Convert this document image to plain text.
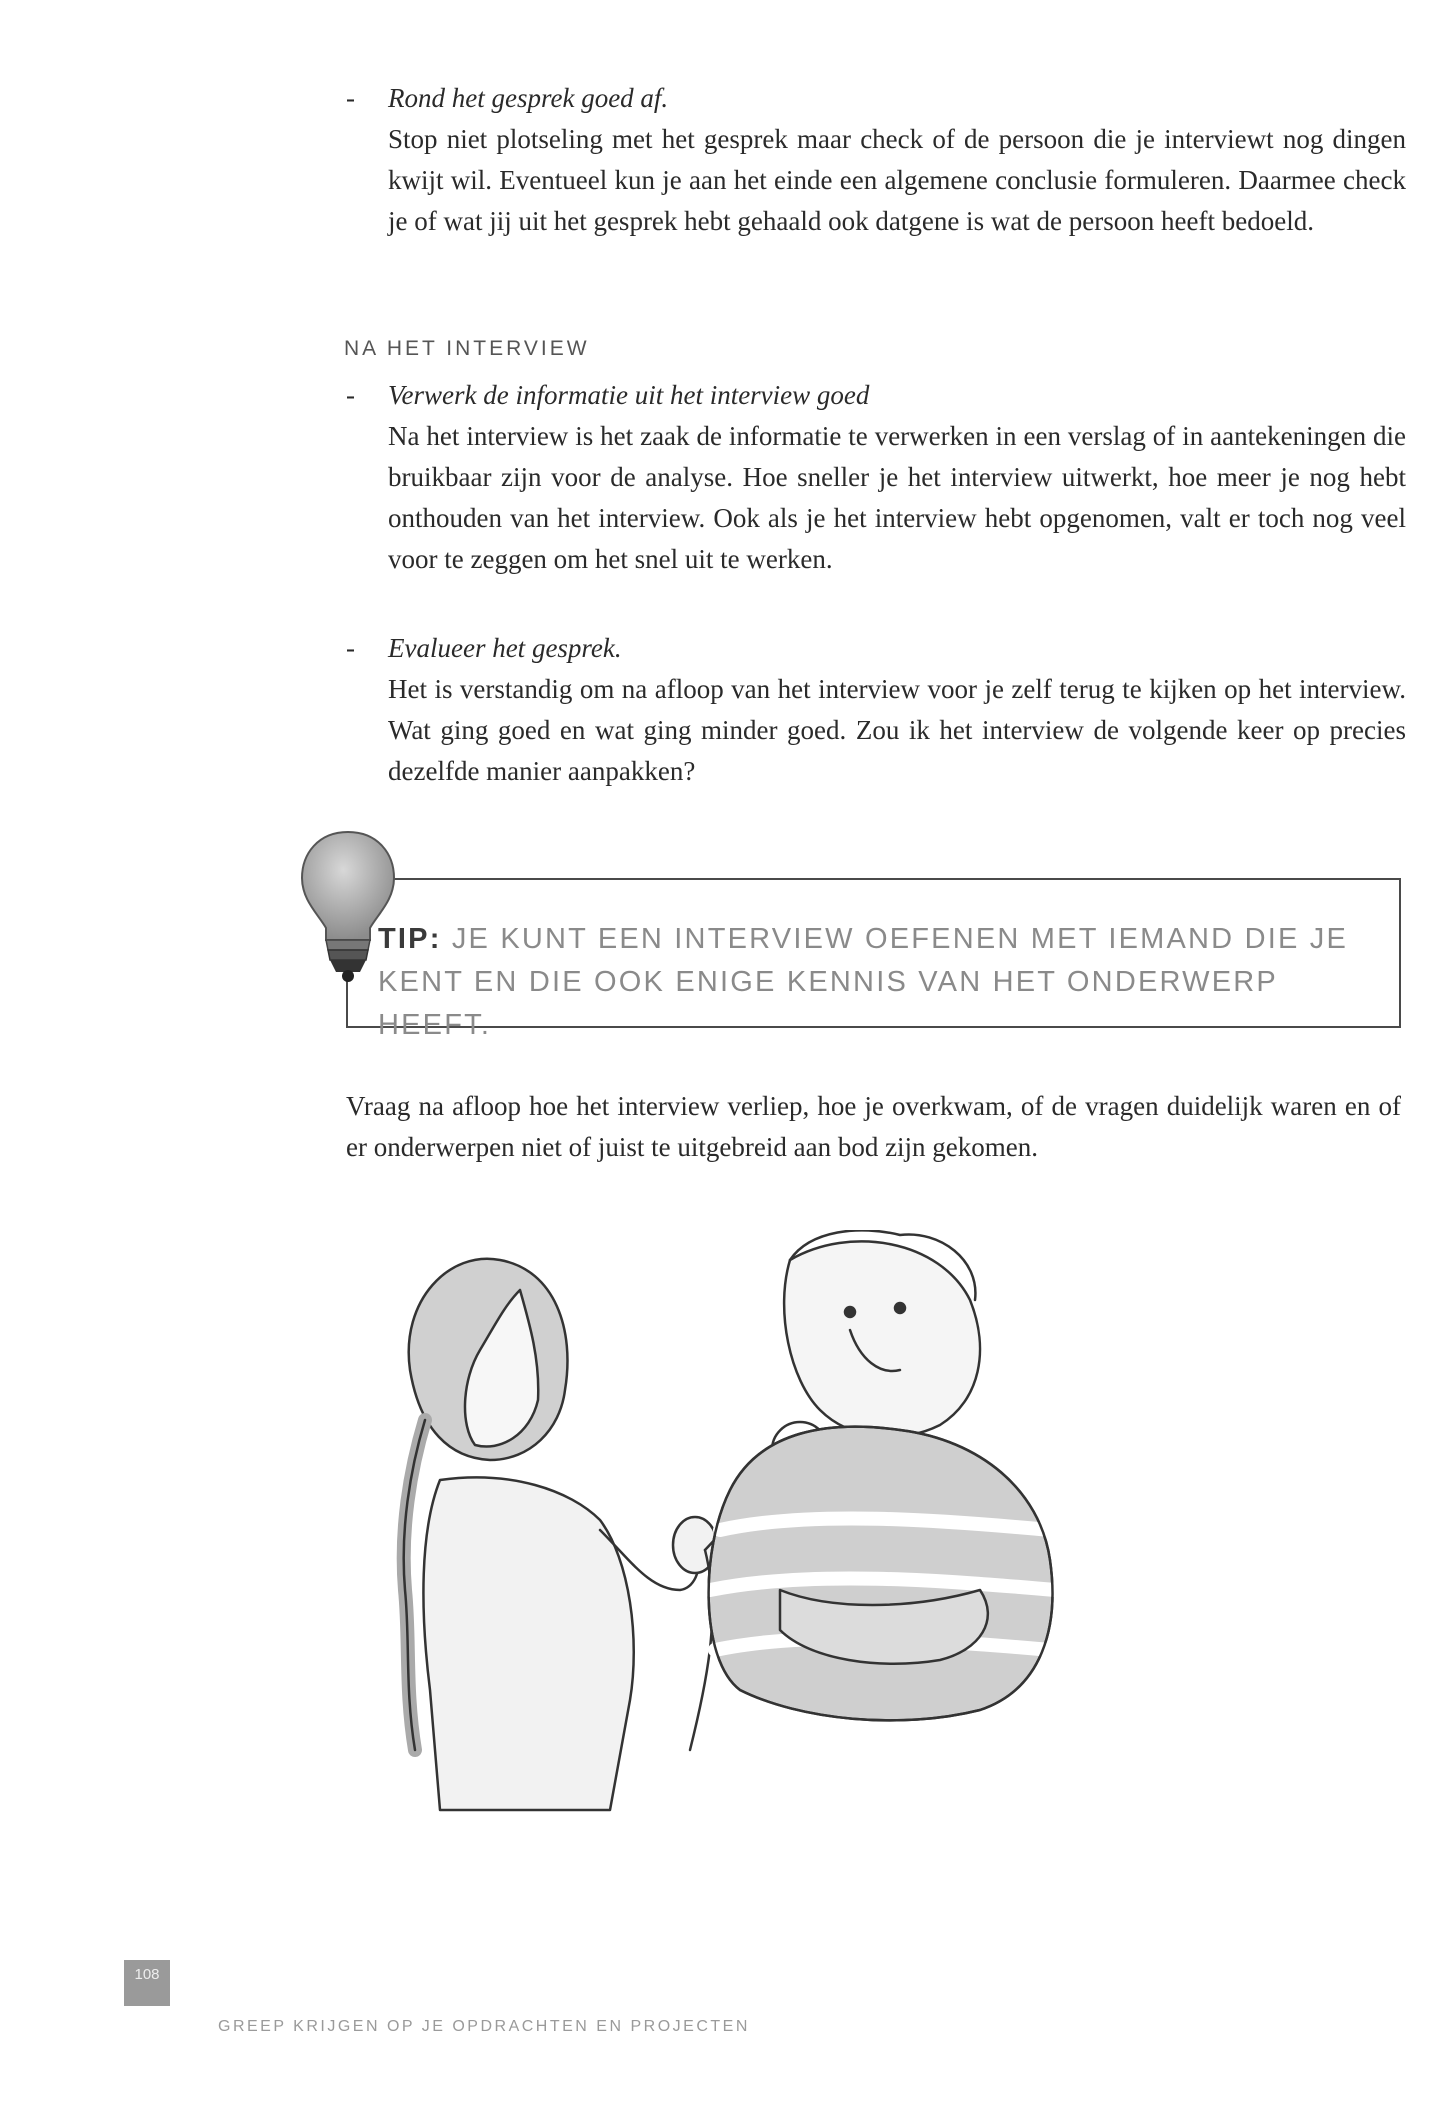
- Rond het gesprek goed af.
Stop niet plotseling met het gesprek maar check of de persoon die je interviewt nog dingen kwijt wil. Eventueel kun je aan het einde een algemene conclusie formuleren. Daarmee check je of wat jij uit het gesprek hebt gehaald ook datgene is wat de persoon heeft bedoeld.
NA HET INTERVIEW
- Verwerk de informatie uit het interview goed
Na het interview is het zaak de informatie te verwerken in een verslag of in aantekeningen die bruikbaar zijn voor de analyse. Hoe sneller je het interview uitwerkt, hoe meer je nog hebt onthouden van het interview. Ook als je het interview hebt opgenomen, valt er toch nog veel voor te zeggen om het snel uit te werken.
- Evalueer het gesprek.
Het is verstandig om na afloop van het interview voor je zelf terug te kijken op het interview. Wat ging goed en wat ging minder goed. Zou ik het interview de volgende keer op precies dezelfde manier aanpakken?
TIP: JE KUNT EEN INTERVIEW OEFENEN MET IEMAND DIE JE KENT EN DIE OOK ENIGE KENNIS VAN HET ONDERWERP HEEFT.
Vraag na afloop hoe het interview verliep, hoe je overkwam, of de vragen duidelijk waren en of er onderwerpen niet of juist te uitgebreid aan bod zijn gekomen.
108
GREEP KRIJGEN OP JE OPDRACHTEN EN PROJECTEN
